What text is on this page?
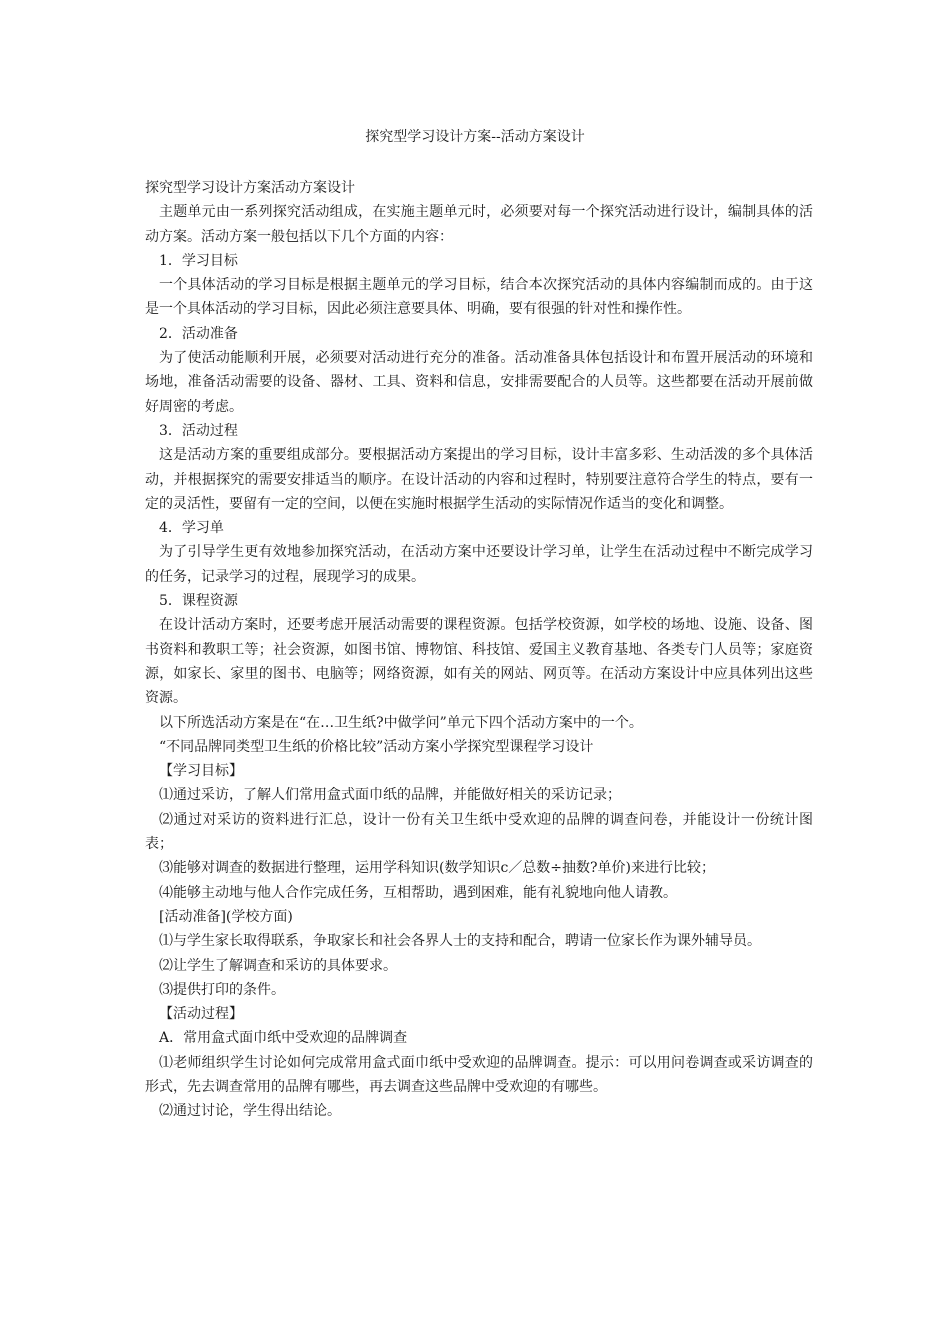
探究型学习设计方案--活动方案设计

探究型学习设计方案活动方案设计

主题单元由一系列探究活动组成，在实施主题单元时，必须要对每一个探究活动进行设计，编制具体的活动方案。活动方案一般包括以下几个方面的内容：

1．学习目标

一个具体活动的学习目标是根据主题单元的学习目标，结合本次探究活动的具体内容编制而成的。由于这是一个具体活动的学习目标，因此必须注意要具体、明确，要有很强的针对性和操作性。

2．活动准备

为了使活动能顺利开展，必须要对活动进行充分的准备。活动准备具体包括设计和布置开展活动的环境和场地，准备活动需要的设备、器材、工具、资料和信息，安排需要配合的人员等。这些都要在活动开展前做好周密的考虑。

3．活动过程

这是活动方案的重要组成部分。要根据活动方案提出的学习目标，设计丰富多彩、生动活泼的多个具体活动，并根据探究的需要安排适当的顺序。在设计活动的内容和过程时，特别要注意符合学生的特点，要有一定的灵活性，要留有一定的空间，以便在实施时根据学生活动的实际情况作适当的变化和调整。

4．学习单

为了引导学生更有效地参加探究活动，在活动方案中还要设计学习单，让学生在活动过程中不断完成学习的任务，记录学习的过程，展现学习的成果。

5．课程资源

在设计活动方案时，还要考虑开展活动需要的课程资源。包括学校资源，如学校的场地、设施、设备、图书资料和教职工等；社会资源，如图书馆、博物馆、科技馆、爱国主义教育基地、各类专门人员等；家庭资源，如家长、家里的图书、电脑等；网络资源，如有关的网站、网页等。在活动方案设计中应具体列出这些资源。

以下所选活动方案是在“在…卫生纸?中做学问”单元下四个活动方案中的一个。

“不同品牌同类型卫生纸的价格比较”活动方案小学探究型课程学习设计

【学习目标】

⑴通过采访，了解人们常用盒式面巾纸的品牌，并能做好相关的采访记录；

⑵通过对采访的资料进行汇总，设计一份有关卫生纸中受欢迎的品牌的调查问卷，并能设计一份统计图表；

⑶能够对调查的数据进行整理，运用学科知识(数学知识c／总数÷抽数?单价)来进行比较；

⑷能够主动地与他人合作完成任务，互相帮助，遇到困难，能有礼貌地向他人请教。

[活动准备](学校方面)

⑴与学生家长取得联系，争取家长和社会各界人士的支持和配合，聘请一位家长作为课外辅导员。

⑵让学生了解调查和采访的具体要求。

⑶提供打印的条件。

【活动过程】

A．常用盒式面巾纸中受欢迎的品牌调查

⑴老师组织学生讨论如何完成常用盒式面巾纸中受欢迎的品牌调查。提示：可以用问卷调查或采访调查的形式，先去调查常用的品牌有哪些，再去调查这些品牌中受欢迎的有哪些。

⑵通过讨论，学生得出结论。
